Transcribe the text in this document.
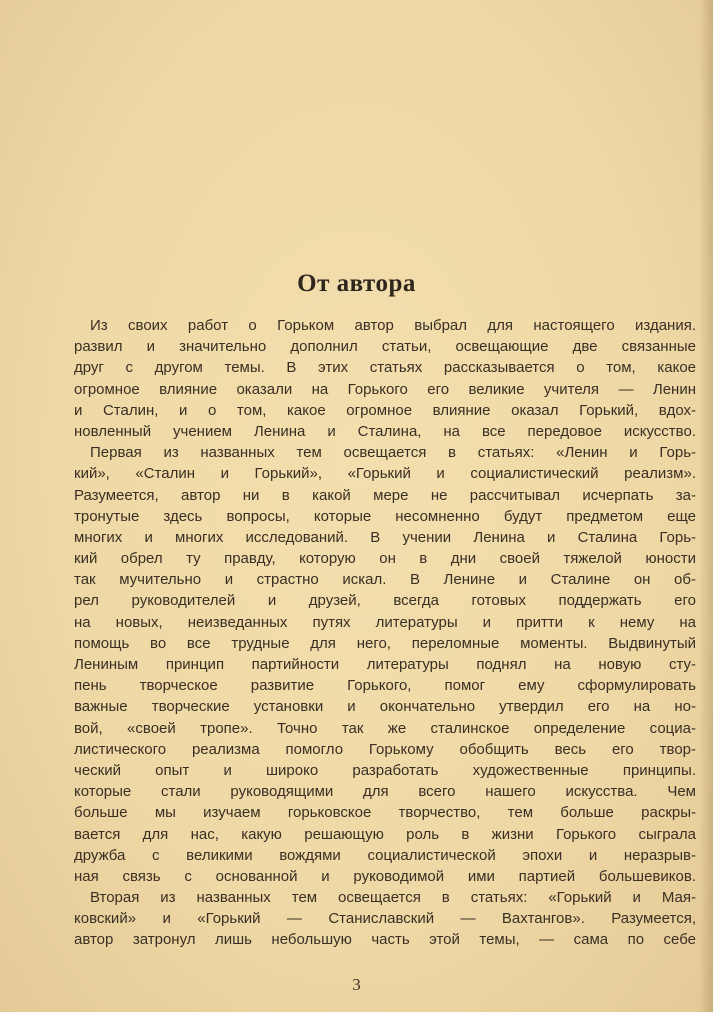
От автора
Из своих работ о Горьком автор выбрал для настоящего издания.
развил и значительно дополнил статьи, освещающие две связанные
друг с другом темы. В этих статьях рассказывается о том, какое
огромное влияние оказали на Горького его великие учителя — Ленин
и Сталин, и о том, какое огромное влияние оказал Горький, вдох-
новленный учением Ленина и Сталина, на все передовое искусство.
Первая из названных тем освещается в статьях: «Ленин и Горь-
кий», «Сталин и Горький», «Горький и социалистический реализм».
Разумеется, автор ни в какой мере не рассчитывал исчерпать за-
тронутые здесь вопросы, которые несомненно будут предметом еще
многих и многих исследований. В учении Ленина и Сталина Горь-
кий обрел ту правду, которую он в дни своей тяжелой юности
так мучительно и страстно искал. В Ленине и Сталине он об-
рел руководителей и друзей, всегда готовых поддержать его
на новых, неизведанных путях литературы и притти к нему на
помощь во все трудные для него, переломные моменты. Выдвинутый
Лениным принцип партийности литературы поднял на новую сту-
пень творческое развитие Горького, помог ему сформулировать
важные творческие установки и окончательно утвердил его на но-
вой, «своей тропе». Точно так же сталинское определение социа-
листического реализма помогло Горькому обобщить весь его твор-
ческий опыт и широко разработать художественные принципы.
которые стали руководящими для всего нашего искусства. Чем
больше мы изучаем горьковское творчество, тем больше раскры-
вается для нас, какую решающую роль в жизни Горького сыграла
дружба с великими вождями социалистической эпохи и неразрыв-
ная связь с основанной и руководимой ими партией большевиков.
Вторая из названных тем освещается в статьях: «Горький и Мая-
ковский» и «Горький — Станиславский — Вахтангов». Разумеется,
автор затронул лишь небольшую часть этой темы, — сама по себе
3
